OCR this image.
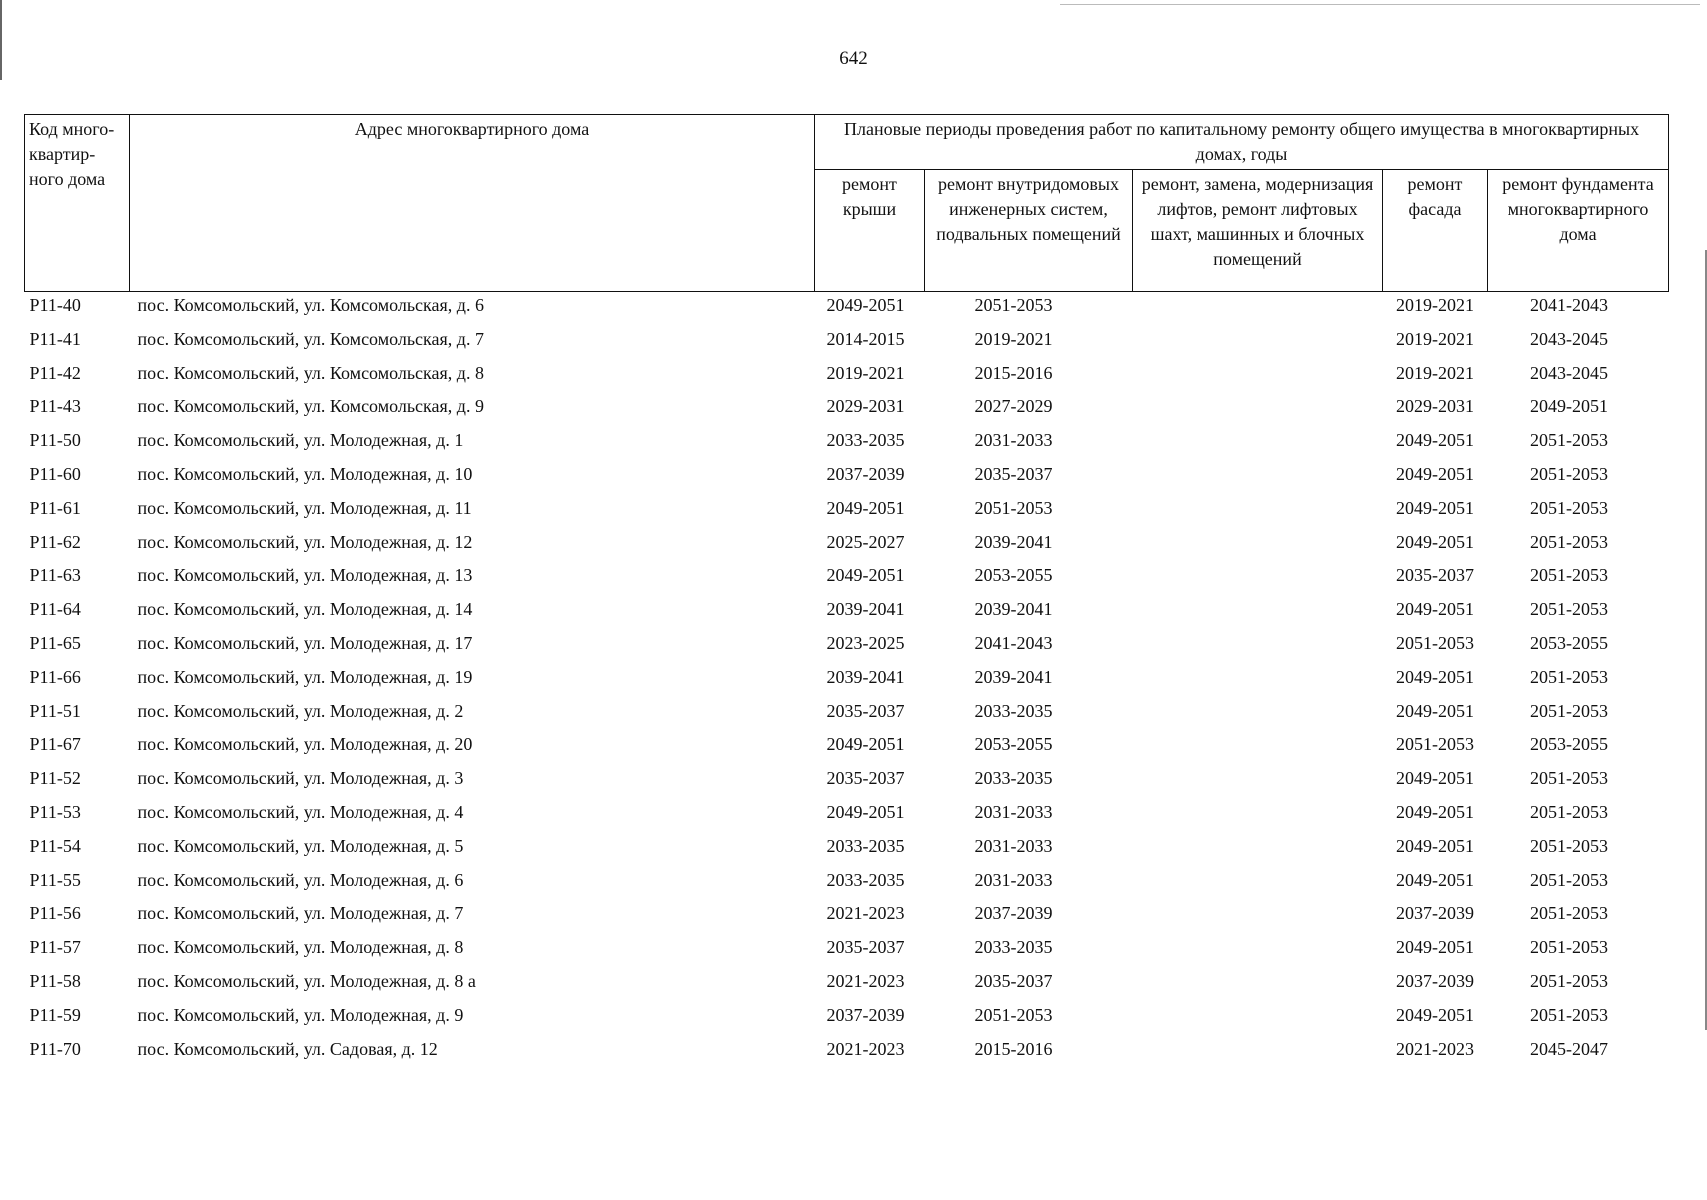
642
Код много-квартир-ного дома	Адрес многоквартирного дома	Плановые периоды проведения работ по капитальному ремонту общего имущества в многоквартирных домах, годы				
		ремонт крыши	ремонт внутридомовых инженерных систем, подвальных помещений	ремонт, замена, модернизация лифтов, ремонт лифтовых шахт, машинных и блочных помещений	ремонт фасада	ремонт фундамента многоквартирного дома
Р11-40	пос. Комсомольский, ул. Комсомольская, д. 6	2049-2051	2051-2053		2019-2021	2041-2043
Р11-41	пос. Комсомольский, ул. Комсомольская, д. 7	2014-2015	2019-2021		2019-2021	2043-2045
Р11-42	пос. Комсомольский, ул. Комсомольская, д. 8	2019-2021	2015-2016		2019-2021	2043-2045
Р11-43	пос. Комсомольский, ул. Комсомольская, д. 9	2029-2031	2027-2029		2029-2031	2049-2051
Р11-50	пос. Комсомольский, ул. Молодежная, д. 1	2033-2035	2031-2033		2049-2051	2051-2053
Р11-60	пос. Комсомольский, ул. Молодежная, д. 10	2037-2039	2035-2037		2049-2051	2051-2053
Р11-61	пос. Комсомольский, ул. Молодежная, д. 11	2049-2051	2051-2053		2049-2051	2051-2053
Р11-62	пос. Комсомольский, ул. Молодежная, д. 12	2025-2027	2039-2041		2049-2051	2051-2053
Р11-63	пос. Комсомольский, ул. Молодежная, д. 13	2049-2051	2053-2055		2035-2037	2051-2053
Р11-64	пос. Комсомольский, ул. Молодежная, д. 14	2039-2041	2039-2041		2049-2051	2051-2053
Р11-65	пос. Комсомольский, ул. Молодежная, д. 17	2023-2025	2041-2043		2051-2053	2053-2055
Р11-66	пос. Комсомольский, ул. Молодежная, д. 19	2039-2041	2039-2041		2049-2051	2051-2053
Р11-51	пос. Комсомольский, ул. Молодежная, д. 2	2035-2037	2033-2035		2049-2051	2051-2053
Р11-67	пос. Комсомольский, ул. Молодежная, д. 20	2049-2051	2053-2055		2051-2053	2053-2055
Р11-52	пос. Комсомольский, ул. Молодежная, д. 3	2035-2037	2033-2035		2049-2051	2051-2053
Р11-53	пос. Комсомольский, ул. Молодежная, д. 4	2049-2051	2031-2033		2049-2051	2051-2053
Р11-54	пос. Комсомольский, ул. Молодежная, д. 5	2033-2035	2031-2033		2049-2051	2051-2053
Р11-55	пос. Комсомольский, ул. Молодежная, д. 6	2033-2035	2031-2033		2049-2051	2051-2053
Р11-56	пос. Комсомольский, ул. Молодежная, д. 7	2021-2023	2037-2039		2037-2039	2051-2053
Р11-57	пос. Комсомольский, ул. Молодежная, д. 8	2035-2037	2033-2035		2049-2051	2051-2053
Р11-58	пос. Комсомольский, ул. Молодежная, д. 8 а	2021-2023	2035-2037		2037-2039	2051-2053
Р11-59	пос. Комсомольский, ул. Молодежная, д. 9	2037-2039	2051-2053		2049-2051	2051-2053
Р11-70	пос. Комсомольский, ул. Садовая, д. 12	2021-2023	2015-2016		2021-2023	2045-2047
